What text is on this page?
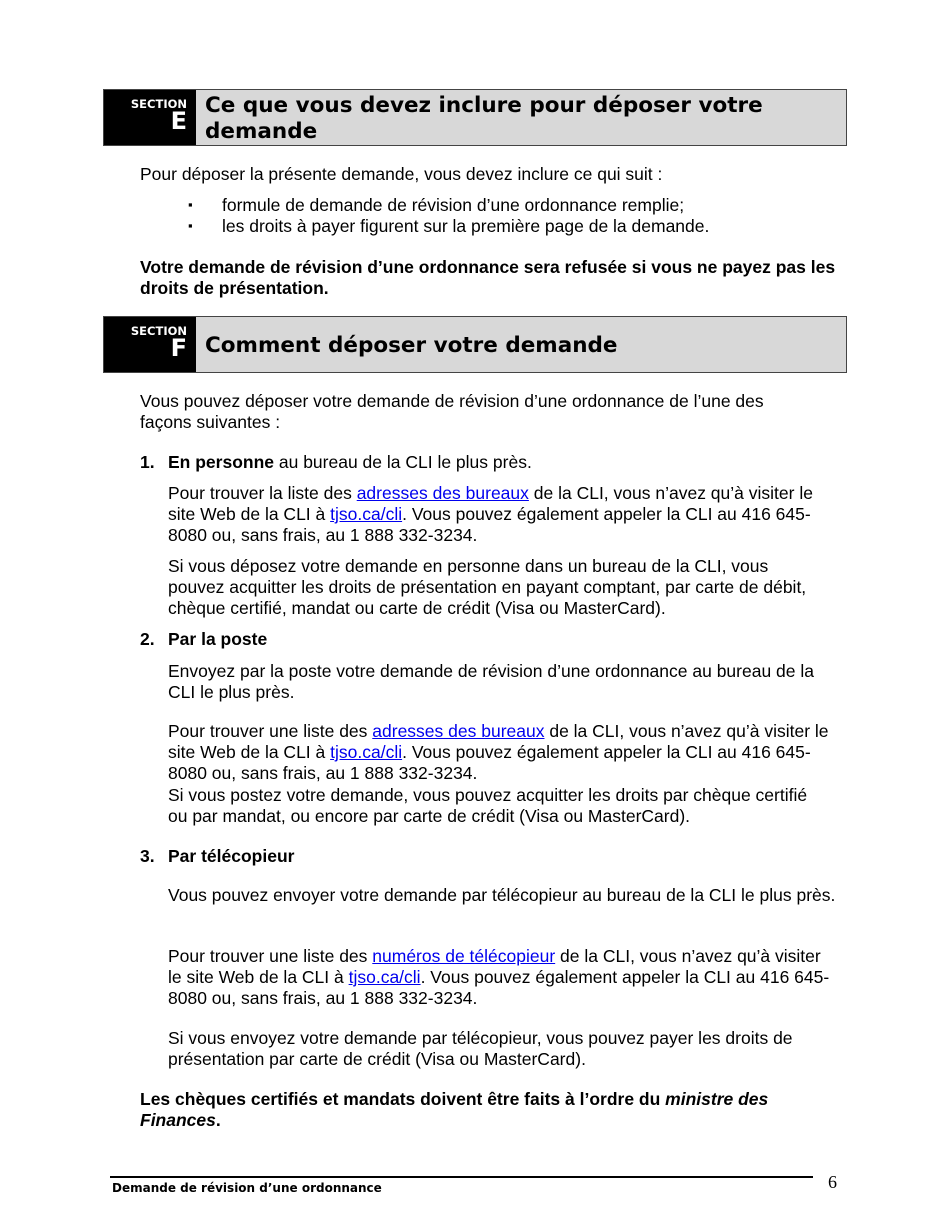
SECTION
E
Ce que vous devez inclure pour déposer votre demande

Pour déposer la présente demande, vous devez inclure ce qui suit :

▪ formule de demande de révision d’une ordonnance remplie;

▪ les droits à payer figurent sur la première page de la demande.

Votre demande de révision d’une ordonnance sera refusée si vous ne payez pas les droits de présentation.

SECTION
F Comment déposer votre demande

Vous pouvez déposer votre demande de révision d’une ordonnance de l’une des façons suivantes :

1. En personne au bureau de la CLI le plus près.

Pour trouver la liste des adresses des bureaux de la CLI, vous n’avez qu’à visiter le site Web de la CLI à tjso.ca/cli. Vous pouvez également appeler la CLI au 416 645-8080 ou, sans frais, au 1 888 332-3234.

Si vous déposez votre demande en personne dans un bureau de la CLI, vous pouvez acquitter les droits de présentation en payant comptant, par carte de débit, chèque certifié, mandat ou carte de crédit (Visa ou MasterCard).

2. Par la poste

Envoyez par la poste votre demande de révision d’une ordonnance au bureau de la CLI le plus près.

Pour trouver une liste des adresses des bureaux de la CLI, vous n’avez qu’à visiter le site Web de la CLI à tjso.ca/cli. Vous pouvez également appeler la CLI au 416 645-8080 ou, sans frais, au 1 888 332-3234.

Si vous postez votre demande, vous pouvez acquitter les droits par chèque certifié ou par mandat, ou encore par carte de crédit (Visa ou MasterCard).

3. Par télécopieur

Vous pouvez envoyer votre demande par télécopieur au bureau de la CLI le plus près.

Pour trouver une liste des numéros de télécopieur de la CLI, vous n’avez qu’à visiter le site Web de la CLI à tjso.ca/cli. Vous pouvez également appeler la CLI au 416 645-8080 ou, sans frais, au 1 888 332-3234.

Si vous envoyez votre demande par télécopieur, vous pouvez payer les droits de présentation par carte de crédit (Visa ou MasterCard).

Les chèques certifiés et mandats doivent être faits à l’ordre du ministre des Finances.

Demande de révision d’une ordonnance	6
